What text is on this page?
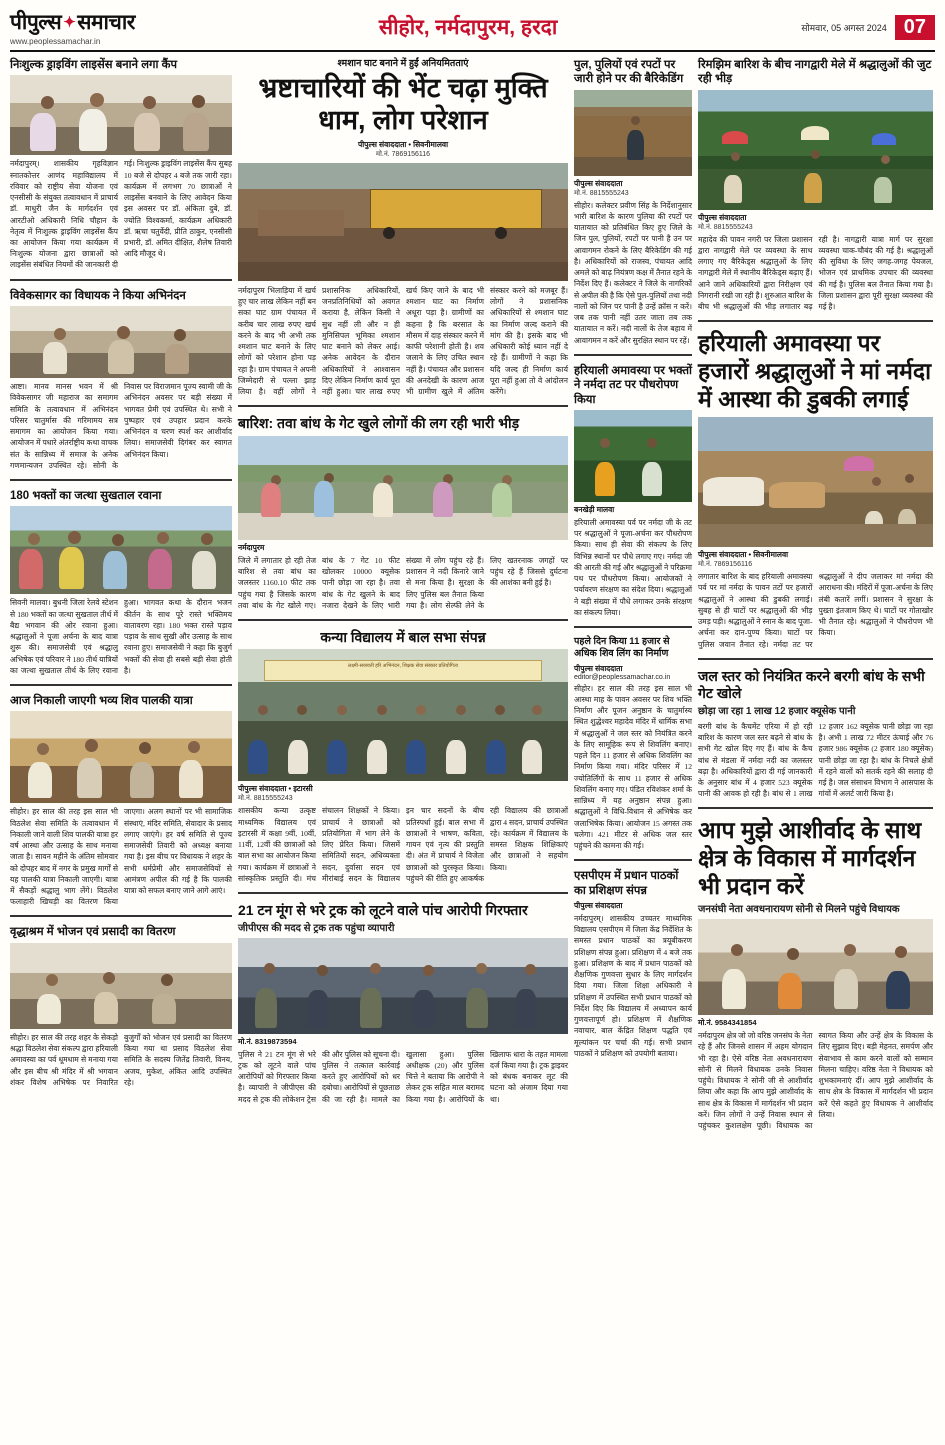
पीपुल्स ✦ समाचार
www.peoplessamachar.in
सीहोर, नर्मदापुरम, हरदा	सोमवार, 05 अगस्त 2024 07
निःशुल्क ड्राइविंग लाइसेंस बनाने लगा कैंप
नर्मदापुरम्। शासकीय गृहविज्ञान स्नातकोत्तर आणंद महाविद्यालय में रविवार को राष्ट्रीय सेवा योजना एवं एनसीसी के संयुक्त तत्वावधान में प्राचार्य डॉ. माधुरी जैन के मार्गदर्शन एवं आरटीओ अधिकारी निधि चौहान के नेतृत्व में निःशुल्क ड्राइविंग लाइसेंस कैंप का आयोजन किया गया कार्यक्रम में निःशुल्क योजना द्वारा छात्राओं को लाइसेंस संबंधित नियमों की जानकारी दी गई। निःशुल्क ड्राइविंग लाइसेंस कैंप सुबह 10 बजे से दोपहर 4 बजे तक जारी रहा। कार्यक्रम में लगभग 70 छात्राओं ने लाइसेंस बनवाने के लिए आवेदन किया इस अवसर पर डॉ. अंकिता दुबे, डॉ. ज्योति विश्वकर्मा, कार्यक्रम अधिकारी डॉ. ऋचा चतुर्वेदी, प्रीति ठाकुर, एनसीसी प्रभारी, डॉ. अमित दीक्षित, शैलेष तिवारी आदि मौजूद थे।
विवेकसागर का विधायक ने किया अभिनंदन
आष्टा। मानव मानस भवन में श्री विवेकसागर जी महाराज का समागम समिति के तत्वावधान में अभिनंदन परिसर चातुर्मास की गरिमामय सत्र समागम का आयोजन किया गया। आयोजन में पधारे अंतर्राष्ट्रीय कथा वाचक संत के सान्निध्य में समाज के अनेक गणमान्यजन उपस्थित रहे। सोनी के निवास पर विराजमान पूज्य स्वामी जी के अभिनंदन अवसर पर बड़ी संख्या में भागवत प्रेमी एवं उपस्थित थे। सभी ने पुष्पहार एवं उपहार प्रदान करके अभिनंदन व चरण स्पर्श कर आशीर्वाद लिया। समाजसेवी दिगंबर कर स्वागत अभिनंदन किया।
180 भक्तों का जत्था सुखताल रवाना
सिवनी मालवा। बुधनी जिला रेलवे स्टेशन से 180 भक्तों का जत्था सुखताल तीर्थ में बैद्य भगवान की ओर रवाना हुआ। श्रद्धालुओं ने पूजा अर्चना के बाद यात्रा शुरू की। समाजसेवी एवं श्रद्धालु अभिषेक एवं परिवार ने 180 तीर्थ यात्रियों का जत्था सुखताल तीर्थ के लिए रवाना हुआ। भागवत कथा के दौरान भजन कीर्तन के साथ पूरे रास्ते भक्तिमय वातावरण रहा। 180 भक्त रास्ते पड़ाव पड़ाव के साथ सुखी और उत्साह के साथ रवाना हुए। समाजसेवी ने कहा कि बुजुर्ग भक्तों की सेवा ही सबसे बड़ी सेवा होती है।
आज निकाली जाएगी भव्य शिव पालकी यात्रा
सीहोर। हर साल की तरह इस साल भी विठलेश सेवा समिति के तत्वावधान में निकाली जाने वाली शिव पालकी यात्रा हर वर्ष आस्था और उत्साह के साथ मनाया जाता है। सावन महीने के अंतिम सोमवार को दोपहर बाद में नगर के प्रमुख मार्गों से यह पालकी यात्रा निकाली जाएगी। यात्रा में सैकड़ों श्रद्धालु भाग लेंगे। विठलेश फलाहारी खिचड़ी का वितरण किया जाएगा। अलग स्थानों पर भी सामाजिक संस्थाएं, मंदिर समिति, सेवादार के प्रसाद लगाए जाएंगे। हर वर्ष समिति से पूज्य समाजसेवी तिवारी को अध्यक्ष बनाया गया है। इस बीच पर विधायक ने शहर के सभी धर्मप्रेमी और समाजसेवियों से आमंत्रण अपील की गई है कि पालकी यात्रा को सफल बनाए जाने आगे आएं।
वृद्धाश्रम में भोजन एवं प्रसादी का वितरण
सीहोर। हर साल की तरह शहर के सेकड़ो श्रद्धा विठलेश सेवा संकल्प द्वारा हरियाली अमावस्या का पर्व धूमधाम से मनाया गया और इस बीच श्री मंदिर में श्री भगवान शंकर विशेष अभिषेक पर निवारित बुजुर्गों को भोजन एवं प्रसादी का वितरण किया गया था प्रसाद विठलेश सेवा समिति के सदस्य जितेंद्र तिवारी, विनय, अजय, मुकेश, अंकित आदि उपस्थित रहे।
श्मशान घाट बनाने में हुईं अनियमितताएं
भ्रष्टाचारियों की भेंट चढ़ा मुक्ति धाम, लोग परेशान
पीपुल्स संवाददाता • सिवनीमालवा
मो.नं. 7869156116
नर्मदापुरम भिलाड़िया में खर्च हुए चार लाख लेकिन नहीं बन सका घाट ग्राम पंचायत में करीब चार लाख रुपए खर्च करने के बाद भी अभी तक श्मशान घाट बनाने के लिए लोगों को परेशान होना पड़ रहा है। ग्राम पंचायत ने अपनी जिम्मेदारी से पल्ला झाड़ लिया है। वहीं लोगों ने प्रशासनिक अधिकारियों, जनप्रतिनिधियों को अवगत कराया है, लेकिन किसी ने सुध नहीं ली और न ही मुनिसिपल भूमिका श्मशान घाट बनाने को लेकर आई। अनेक आवेदन के दौरान अधिकारियों ने आश्वासन दिए लेकिन निर्माण कार्य पूरा नहीं हुआ। चार लाख रुपए खर्च किए जाने के बाद भी श्मशान घाट का निर्माण अधूरा पड़ा है। ग्रामीणों का कहना है कि बरसात के मौसम में दाह संस्कार करने में काफी परेशानी होती है। शव जलाने के लिए उचित स्थान नहीं है। पंचायत और प्रशासन की अनदेखी के कारण आज भी ग्रामीण खुले में अंतिम संस्कार करने को मजबूर हैं। लोगों ने प्रशासनिक अधिकारियों से श्मशान घाट का निर्माण जल्द कराने की मांग की है। इसके बाद भी अधिकारी कोई ध्यान नहीं दे रहे हैं। ग्रामीणों ने कहा कि यदि जल्द ही निर्माण कार्य पूरा नहीं हुआ तो वे आंदोलन करेंगे।
बारिश: तवा बांध के गेट खुले लोगों की लग रही भारी भीड़
नर्मदापुरम
जिले में लगातार हो रही तेज बारिश से तवा बांध का जलस्तर 1160.10 फीट तक पहुंच गया है जिसके कारण तवा बांध के गेट खोले गए। बांध के 7 गेट 10 फीट खोलकर 10000 क्यूसेक पानी छोड़ा जा रहा है। तवा बांध के गेट खुलने के बाद नजारा देखने के लिए भारी संख्या में लोग पहुंच रहे हैं। प्रशासन ने नदी किनारे जाने से मना किया है। सुरक्षा के लिए पुलिस बल तैनात किया गया है। लोग सेल्फी लेने के लिए खतरनाक जगहों पर पहुंच रहे हैं जिससे दुर्घटना की आशंका बनी हुई है।
कन्या विद्यालय में बाल सभा संपन्न
लक्ष्मी-सरस्वती हरि अभिनंदन, शिक्षक सेवा संस्कार प्रतियोगिता
पीपुल्स संवाददाता • इटारसी
मो.नं. 8815555243
शासकीय कन्या उत्कृष्ट माध्यमिक विद्यालय एवं इटारसी में कक्षा 9वीं, 10वीं, 11वीं, 12वीं की छात्राओं को बाल सभा का आयोजन किया गया। कार्यक्रम में छात्राओं ने सांस्कृतिक प्रस्तुति दी। मंच संचालन शिक्षकों ने किया। प्राचार्य ने छात्राओं को प्रतियोगिता में भाग लेने के लिए प्रेरित किया। जिसमें समितियों सदन, अधिव्यक्ता सदन, दुर्वासा सदन एवं मीरांबाई सदन के विद्यालय इन चार सदनों के बीच प्रतिस्पर्धा हुई। बाल सभा में छात्राओं ने भाषण, कविता, गायन एवं नृत्य की प्रस्तुति दी। अंत में प्राचार्य ने विजेता छात्राओं को पुरस्कृत किया। पहुंचने की रीति हुए आकर्षक रही विद्यालय की छात्राओं द्वारा 4 सदन, प्राचार्य उपस्थित रहे। कार्यक्रम में विद्यालय के समस्त शिक्षक शिक्षिकाएं और छात्राओं ने सहयोग किया।
21 टन मूंग से भरे ट्रक को लूटने वाले पांच आरोपी गिरफ्तार
जीपीएस की मदद से ट्रक तक पहुंचा व्यापारी
मो.नं. 8319873594
पुलिस ने 21 टन मूंग से भरे ट्रक को लूटने वाले पांच आरोपियों को गिरफ्तार किया है। व्यापारी ने जीपीएस की मदद से ट्रक की लोकेशन ट्रेस की और पुलिस को सूचना दी। पुलिस ने तत्काल कार्रवाई करते हुए आरोपियों को धर दबोचा। आरोपियों से पूछताछ की जा रही है। मामले का खुलासा हुआ। पुलिस अधीक्षक (20) और पुलिस चित्ते ने बताया कि आरोपी ने लेकर ट्रक सहित माल बरामद किया गया है। आरोपियों के खिलाफ धारा के तहत मामला दर्ज किया गया है। ट्रक ड्राइवर को बंधक बनाकर लूट की घटना को अंजाम दिया गया था।
पुल, पुलियों एवं रपटों पर जारी होने पर की बैरिकेडिंग
पीपुल्स संवाददाता
मो.नं. 8815555243
सीहोर। कलेक्टर प्रवीण सिंह के निर्देशानुसार भारी बारिश के कारण पुलिया की रपटों पर यातायात को प्रतिबंधित किए हुए जिले के जिन पुल, पुलियों, रपटों पर पानी है उन पर आवागमन रोकने के लिए बैरिकेडिंग की गई है। अधिकारियों को राजस्व, पंचायत आदि अमले को बाढ़ नियंत्रण कक्ष में तैनात रहने के निर्देश दिए हैं। कलेक्टर ने जिले के नागरिकों से अपील की है कि ऐसे पुल-पुलियों तथा नदी नालों को जिन पर पानी है उन्हें क्रॉस न करें। जब तक पानी नहीं उतर जाता तब तक यातायात न करें। नदी नालों के तेज बहाव में आवागमन न करें और सुरक्षित स्थान पर रहें।
हरियाली अमावस्या पर भक्तों ने नर्मदा तट पर पौधरोपण किया
बनखेड़ी मालवा
हरियाली अमावस्या पर्व पर नर्मदा जी के तट पर श्रद्धालुओं ने पूजा-अर्चना कर पौधरोपण किया। साथ ही सेवा की संकल्प के लिए विभिन्न स्थानों पर पौधे लगाए गए। नर्मदा जी की आरती की गई और श्रद्धालुओं ने परिक्रमा पथ पर पौधरोपण किया। आयोजकों ने पर्यावरण संरक्षण का संदेश दिया। श्रद्धालुओं ने बड़ी संख्या में पौधे लगाकर उनके संरक्षण का संकल्प लिया।
पहले दिन किया 11 हजार से अधिक शिव लिंग का निर्माण
पीपुल्स संवाददाता
editor@peoplessamachar.co.in
सीहोर। हर साल की तरह इस साल भी आस्था माह के पावन अवसर पर शिव भक्ति निर्माण और पूजन अनुष्ठान के चातुर्मास्य स्थित शुद्धेश्वर महादेव मंदिर में धार्मिक सभा में श्रद्धालुओं ने जल स्तर को नियंत्रित करने के लिए सामूहिक रूप से शिवलिंग बनाए। पहले दिन 11 हजार से अधिक शिवलिंग का निर्माण किया गया। मंदिर परिसर में 12 ज्योतिर्लिंगों के साथ 11 हजार से अधिक शिवलिंग बनाए गए। पंडित रविशंकर शर्मा के सान्निध्य में यह अनुष्ठान संपन्न हुआ। श्रद्धालुओं ने विधि-विधान से अभिषेक कर जलाभिषेक किया। आयोजन 15 अगस्त तक चलेगा। 421 मीटर से अधिक जल स्तर पहुंचने की कामना की गई।
एसपीएम में प्रधान पाठकों का प्रशिक्षण संपन्न
पीपुल्स संवाददाता
नर्मदापुरम्। शासकीय उच्चतर माध्यमिक विद्यालय एसपीएम में जिला केंद्र निर्देशित के समस्त प्रधान पाठकों का त्रयूबीकरण प्रशिक्षण संपन्न हुआ। प्रशिक्षण में 4 बजे तक हुआ। प्रशिक्षण के बाद में प्रधान पाठकों को शैक्षणिक गुणवत्ता सुधार के लिए मार्गदर्शन दिया गया। जिला शिक्षा अधिकारी ने प्रशिक्षण में उपस्थित सभी प्रधान पाठकों को निर्देश दिए कि विद्यालय में अध्यापन कार्य गुणवत्तापूर्ण हो। प्रशिक्षण में शैक्षणिक नवाचार, बाल केंद्रित शिक्षण पद्धति एवं मूल्यांकन पर चर्चा की गई। सभी प्रधान पाठकों ने प्रशिक्षण को उपयोगी बताया।
रिमझिम बारिश के बीच नागद्वारी मेले में श्रद्धालुओं की जुट रही भीड़
पीपुल्स संवाददाता
मो.नं. 8815555243
महादेव की पावन नगरी पर जिला प्रशासन द्वारा नागद्वारी मेले पर व्यवस्था के साथ लगाए गए बैरिकेड्स श्रद्धालुओं के लिए नागद्वारी मेले में स्थानीय बैरिकेड्स बढ़ाए हैं। आने जाने अधिकारियों द्वारा निरीक्षण एवं निगरानी रखी जा रही है। शुरुआत बारिश के बीच भी श्रद्धालुओं की भीड़ लगातार बढ़ रही है। नागद्वारी यात्रा मार्ग पर सुरक्षा व्यवस्था चाक-चौबंद की गई है। श्रद्धालुओं की सुविधा के लिए जगह-जगह पेयजल, भोजन एवं प्राथमिक उपचार की व्यवस्था की गई है। पुलिस बल तैनात किया गया है। जिला प्रशासन द्वारा पूरी सुरक्षा व्यवस्था की गई है।
हरियाली अमावस्या पर हजारों श्रद्धालुओं ने मां नर्मदा में आस्था की डुबकी लगाई
पीपुल्स संवाददाता • सिवनीमालवा
मो.नं. 7869156116
लगातार बारिश के बाद हरियाली अमावस्या पर्व पर मां नर्मदा के पावन तटों पर हजारों श्रद्धालुओं ने आस्था की डुबकी लगाई। सुबह से ही घाटों पर श्रद्धालुओं की भीड़ उमड़ पड़ी। श्रद्धालुओं ने स्नान के बाद पूजा-अर्चना कर दान-पुण्य किया। घाटों पर पुलिस जवान तैनात रहे। नर्मदा तट पर श्रद्धालुओं ने दीप जलाकर मां नर्मदा की आराधना की। मंदिरों में पूजा-अर्चना के लिए लंबी कतारें लगीं। प्रशासन ने सुरक्षा के पुख्ता इंतजाम किए थे। घाटों पर गोताखोर भी तैनात रहे। श्रद्धालुओं ने पौधरोपण भी किया।
जल स्तर को नियंत्रित करने बरगी बांध के सभी गेट खोले
छोड़ा जा रहा 1 लाख 12 हजार क्यूसेक पानी
बरगी बांध के कैचमेंट एरिया में हो रही बारिश के कारण जल स्तर बढ़ने से बांध के सभी गेट खोल दिए गए हैं। बांध के कैच बांध से मंडला में नर्मदा नदी का जलस्तर बढ़ा है। अधिकारियों द्वारा दी गई जानकारी के अनुसार बांध में 4 हजार 523 क्यूसेक पानी की आवक हो रही है। बांध से 1 लाख 12 हजार 162 क्यूसेक पानी छोड़ा जा रहा है। अभी 1 लाख 72 मीटर ऊंचाई और 76 हजार 986 क्यूसेक (2 हजार 180 क्यूसेक) पानी छोड़ा जा रहा है। बांध के निचले क्षेत्रों में रहने वालों को सतर्क रहने की सलाह दी गई है। जल संसाधन विभाग ने आसपास के गांवों में अलर्ट जारी किया है।
आप मुझे आशीर्वाद के साथ क्षेत्र के विकास में मार्गदर्शन भी प्रदान करें
जनसंघी नेता अवधनारायण सोनी से मिलने पहुंचे विधायक
मो.नं. 9584341854
नर्मदापुरम क्षेत्र जो जो वरिष्ठ जनसंघ के नेता रहे हैं और जिनसे शासन में अहम योगदान भी रहा है। ऐसे वरिष्ठ नेता अवधनारायण सोनी से मिलने विधायक उनके निवास पहुंचे। विधायक ने सोनी जी से आशीर्वाद लिया और कहा कि आप मुझे आशीर्वाद के साथ क्षेत्र के विकास में मार्गदर्शन भी प्रदान करें। जिन लोगों ने उन्हें निवास स्थान से पहुंचकर कुशलक्षेम पूछी। विधायक का स्वागत किया और उन्हें क्षेत्र के विकास के लिए सुझाव दिए। बड़ी मेहनत, समर्पण और सेवाभाव से काम करने वालों को सम्मान मिलना चाहिए। वरिष्ठ नेता ने विधायक को शुभकामनाएं दीं। आप मुझे आशीर्वाद के साथ क्षेत्र के विकास में मार्गदर्शन भी प्रदान करें ऐसे कहते हुए विधायक ने आशीर्वाद लिया।
